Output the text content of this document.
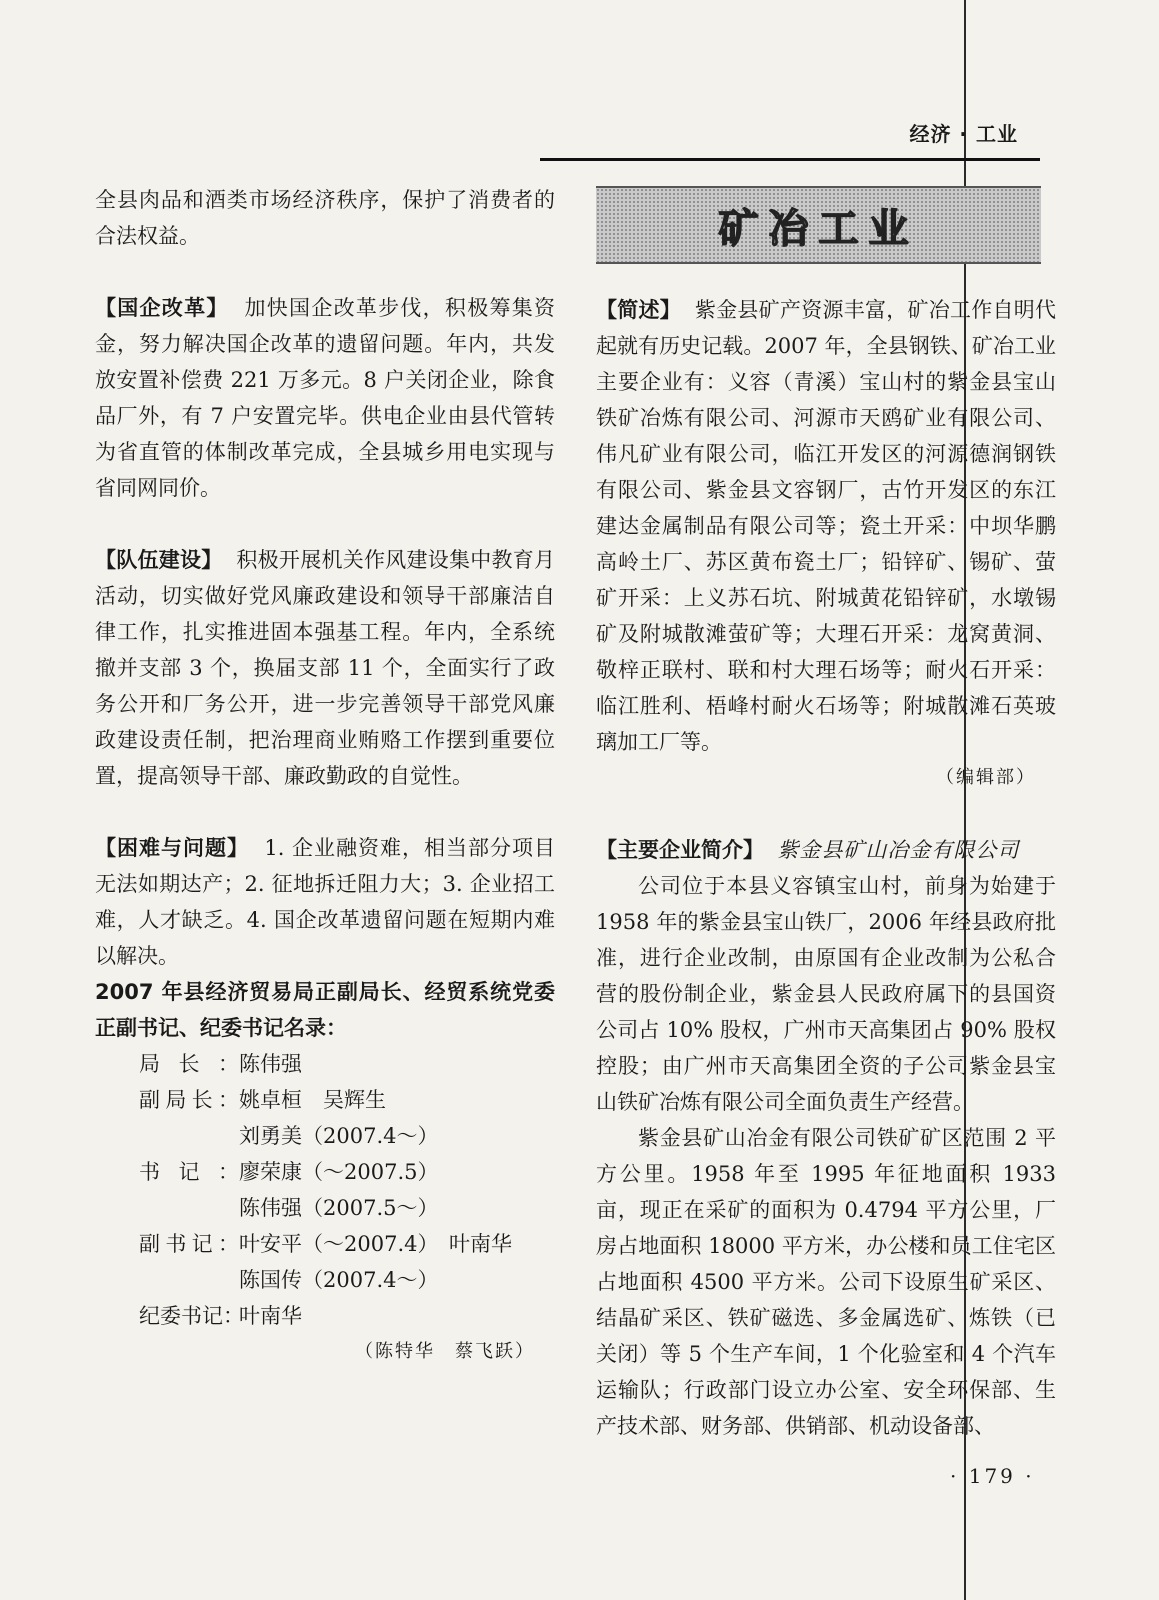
经济 · 工业

全县肉品和酒类市场经济秩序，保护了消费者的合法权益。

【国企改革】 加快国企改革步伐，积极筹集资金，努力解决国企改革的遗留问题。年内，共发放安置补偿费 221 万多元。8 户关闭企业，除食品厂外，有 7 户安置完毕。供电企业由县代管转为省直管的体制改革完成，全县城乡用电实现与省同网同价。

【队伍建设】 积极开展机关作风建设集中教育月活动，切实做好党风廉政建设和领导干部廉洁自律工作，扎实推进固本强基工程。年内，全系统撤并支部 3 个，换届支部 11 个，全面实行了政务公开和厂务公开，进一步完善领导干部党风廉政建设责任制，把治理商业贿赂工作摆到重要位置，提高领导干部、廉政勤政的自觉性。

【困难与问题】 1. 企业融资难，相当部分项目无法如期达产；2. 征地拆迁阻力大；3. 企业招工难，人才缺乏。4. 国企改革遗留问题在短期内难以解决。

2007 年县经济贸易局正副局长、经贸系统党委正副书记、纪委书记名录：

局长： 陈伟强
副局长： 姚卓桓　吴辉生
刘勇美（2007.4～）
书记： 廖荣康（～2007.5）
陈伟强（2007.5～）
副书记： 叶安平（～2007.4）　叶南华
陈国传（2007.4～）
纪委书记：
叶南华
（陈特华　蔡飞跃）
矿冶工业

【简述】 紫金县矿产资源丰富，矿冶工作自明代起就有历史记载。2007 年，全县钢铁、矿冶工业主要企业有：义容（青溪）宝山村的紫金县宝山铁矿冶炼有限公司、河源市天鸥矿业有限公司、伟凡矿业有限公司，临江开发区的河源德润钢铁有限公司、紫金县文容钢厂，古竹开发区的东江建达金属制品有限公司等；瓷土开采：中坝华鹏高岭土厂、苏区黄布瓷土厂；铅锌矿、锡矿、萤矿开采：上义苏石坑、附城黄花铅锌矿，水墩锡矿及附城散滩萤矿等；大理石开采：龙窝黄洞、敬梓正联村、联和村大理石场等；耐火石开采：临江胜利、梧峰村耐火石场等；附城散滩石英玻璃加工厂等。

（编辑部）

【主要企业简介】 紫金县矿山冶金有限公司

公司位于本县义容镇宝山村，前身为始建于 1958 年的紫金县宝山铁厂，2006 年经县政府批准，进行企业改制，由原国有企业改制为公私合营的股份制企业，紫金县人民政府属下的县国资公司占 10% 股权，广州市天高集团占 90% 股权控股；由广州市天高集团全资的子公司紫金县宝山铁矿冶炼有限公司全面负责生产经营。

紫金县矿山冶金有限公司铁矿矿区范围 2 平方公里。1958 年至 1995 年征地面积 1933 亩，现正在采矿的面积为 0.4794 平方公里，厂房占地面积 18000 平方米，办公楼和员工住宅区占地面积 4500 平方米。公司下设原生矿采区、结晶矿采区、铁矿磁选、多金属选矿、炼铁（已关闭）等 5 个生产车间，1 个化验室和 4 个汽车运输队；行政部门设立办公室、安全环保部、生产技术部、财务部、供销部、机动设备部、

· 179 ·
